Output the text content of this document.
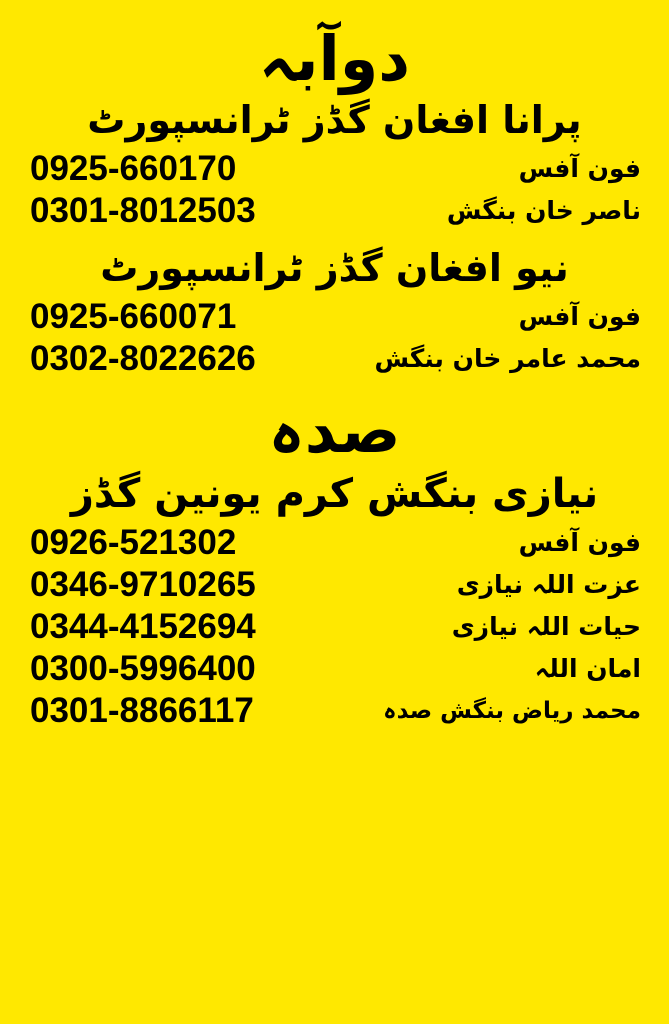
دوآبہ
پرانا افغان گڈز ٹرانسپورٹ
0925-660170	فون آفس
0301-8012503	ناصر خان بنگش
نیو افغان گڈز ٹرانسپورٹ
0925-660071	فون آفس
0302-8022626	محمد عامر خان بنگش
صدہ
نیازی بنگش کرم یونین گڈز
0926-521302	فون آفس
0346-9710265	عزت اللہ نیازی
0344-4152694	حیات اللہ نیازی
0300-5996400	امان اللہ
0301-8866117	محمد ریاض بنگش صدہ
